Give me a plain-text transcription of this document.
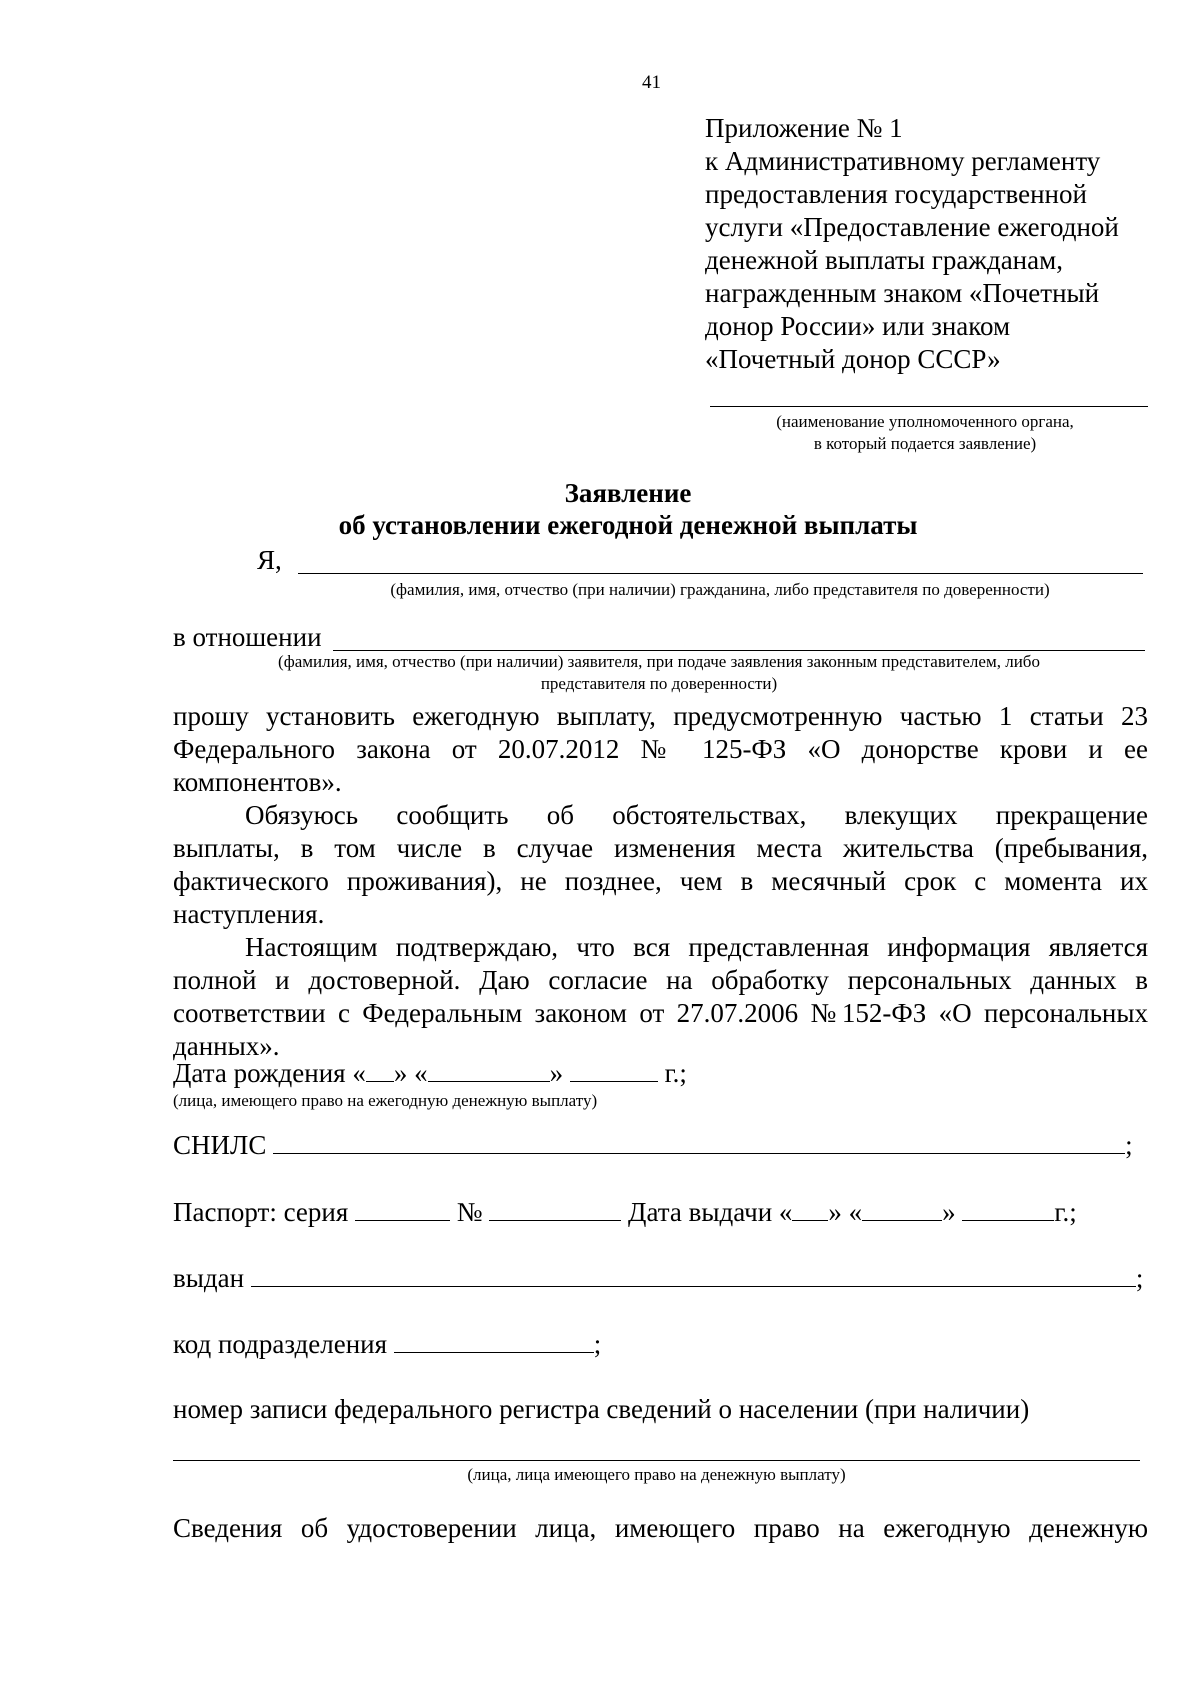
41
Приложение № 1
к Административному регламенту
предоставления государственной
услуги «Предоставление ежегодной
денежной выплаты гражданам,
награжденным знаком «Почетный
донор России» или знаком
«Почетный донор СССР»
(наименование уполномоченного органа,
в который подается заявление)
Заявление
об установлении ежегодной денежной выплаты
Я,
(фамилия, имя, отчество (при наличии) гражданина, либо представителя по доверенности)
в отношении
(фамилия, имя, отчество (при наличии) заявителя, при подаче заявления законным представителем, либо
представителя по доверенности)
прошу установить ежегодную выплату, предусмотренную частью 1 статьи 23
Федерального закона от 20.07.2012 № 125-ФЗ «О донорстве крови и ее
компонентов».
Обязуюсь сообщить об обстоятельствах, влекущих прекращение
выплаты, в том числе в случае изменения места жительства (пребывания,
фактического проживания), не позднее, чем в месячный срок с момента их
наступления.
Настоящим подтверждаю, что вся представленная информация является
полной и достоверной. Даю согласие на обработку персональных данных в
соответствии с Федеральным законом от 27.07.2006 №152-ФЗ «О персональных
данных».
Дата рождения « » «	»	г.;
(лица, имеющего право на ежегодную денежную выплату)
СНИЛС	;
Паспорт: серия	№	Дата выдачи « » «	»	г.;
выдан	;
код подразделения	;
номер записи федерального регистра сведений о населении (при наличии)
(лица, лица имеющего право на денежную выплату)
Сведения об удостоверении лица, имеющего право на ежегодную денежную
